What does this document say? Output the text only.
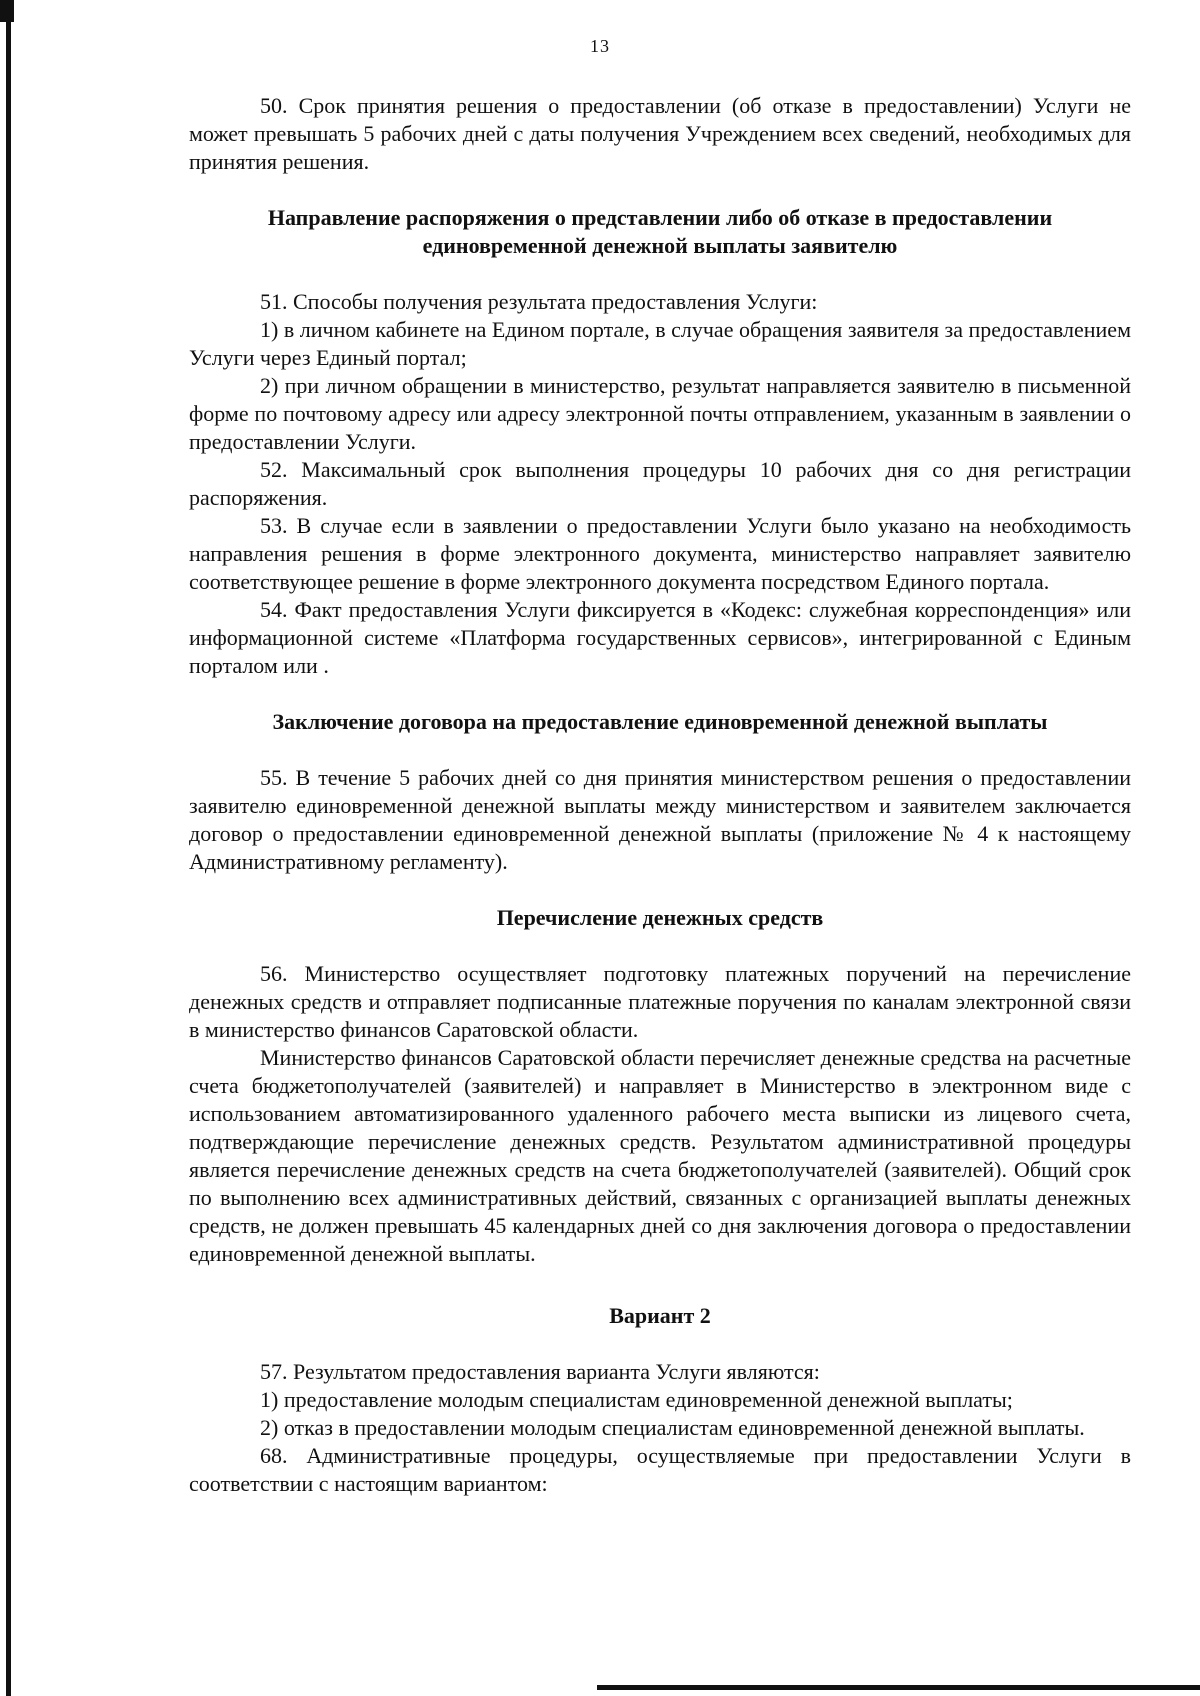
13

50. Срок принятия решения о предоставлении (об отказе в предоставлении) Услуги не может превышать 5 рабочих дней с даты получения Учреждением всех сведений, необходимых для принятия решения.

Направление распоряжения о представлении либо об отказе в предоставлении единовременной денежной выплаты заявителю

51. Способы получения результата предоставления Услуги:

1) в личном кабинете на Едином портале, в случае обращения заявителя за предоставлением Услуги через Единый портал;

2) при личном обращении в министерство, результат направляется заявителю в письменной форме по почтовому адресу или адресу электронной почты отправлением, указанным в заявлении о предоставлении Услуги.

52. Максимальный срок выполнения процедуры 10 рабочих дня со дня регистрации распоряжения.

53. В случае если в заявлении о предоставлении Услуги было указано на необходимость направления решения в форме электронного документа, министерство направляет заявителю соответствующее решение в форме электронного документа посредством Единого портала.

54. Факт предоставления Услуги фиксируется в «Кодекс: служебная корреспонденция» или информационной системе «Платформа государственных сервисов», интегрированной с Единым порталом или .

Заключение договора на предоставление единовременной денежной выплаты

55. В течение 5 рабочих дней со дня принятия министерством решения о предоставлении заявителю единовременной денежной выплаты между министерством и заявителем заключается договор о предоставлении единовременной денежной выплаты (приложение № 4 к настоящему Административному регламенту).

Перечисление денежных средств

56. Министерство осуществляет подготовку платежных поручений на перечисление денежных средств и отправляет подписанные платежные поручения по каналам электронной связи в министерство финансов Саратовской области.

Министерство финансов Саратовской области перечисляет денежные средства на расчетные счета бюджетополучателей (заявителей) и направляет в Министерство в электронном виде с использованием автоматизированного удаленного рабочего места выписки из лицевого счета, подтверждающие перечисление денежных средств. Результатом административной процедуры является перечисление денежных средств на счета бюджетополучателей (заявителей). Общий срок по выполнению всех административных действий, связанных с организацией выплаты денежных средств, не должен превышать 45 календарных дней со дня заключения договора о предоставлении единовременной денежной выплаты.

Вариант 2

57. Результатом предоставления варианта Услуги являются:

1) предоставление молодым специалистам единовременной денежной выплаты;

2) отказ в предоставлении молодым специалистам единовременной денежной выплаты.

68. Административные процедуры, осуществляемые при предоставлении Услуги в соответствии с настоящим вариантом:
